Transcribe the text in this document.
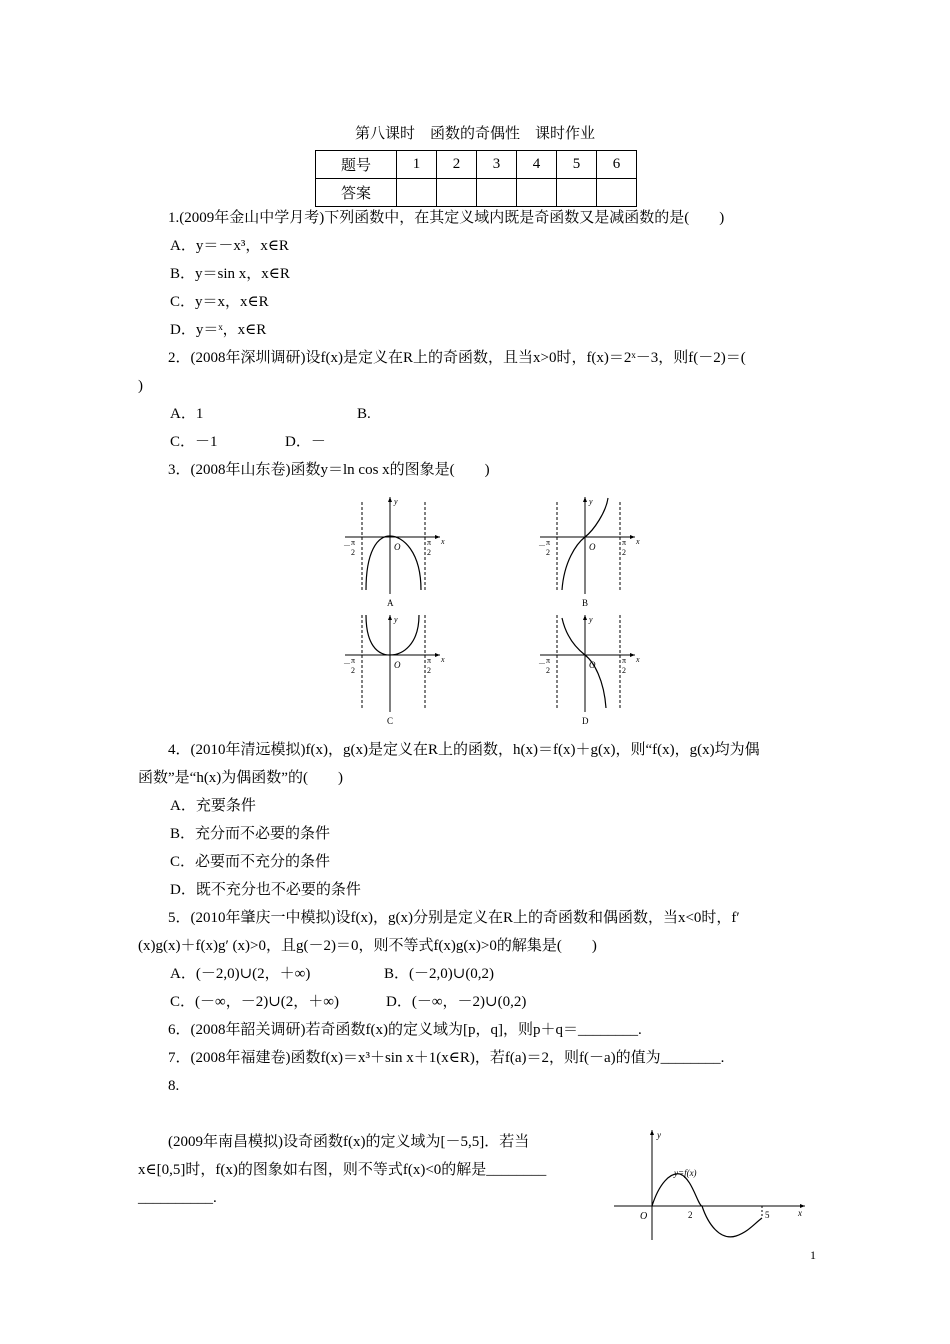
第八课时　函数的奇偶性　课时作业
题号	1	2	3	4	5	6
答案						
1.(2009年金山中学月考)下列函数中，在其定义域内既是奇函数又是减函数的是(　　)
A．y＝－x³，x∈R
B．y＝sin x，x∈R
C．y＝x，x∈R
D．y＝ˣ，x∈R
2．(2008年深圳调研)设f(x)是定义在R上的奇函数，且当x>0时，f(x)＝2ˣ－3，则f(－2)＝(
)
A．1	B.
C．－1	D．－
3．(2008年山东卷)函数y＝ln cos x的图象是(　　)
y
x
O
－ π
2
π
2
A
y
x
O
－ π
2
π
2
B
y
x
O
－ π
2
π
2
C
y
x
O
－ π
2
π
2
D
4．(2010年清远模拟)f(x)，g(x)是定义在R上的函数，h(x)＝f(x)＋g(x)，则“f(x)，g(x)均为偶
函数”是“h(x)为偶函数”的(　　)
A．充要条件
B．充分而不必要的条件
C．必要而不充分的条件
D．既不充分也不必要的条件
5．(2010年肇庆一中模拟)设f(x)，g(x)分别是定义在R上的奇函数和偶函数，当x<0时，f′
(x)g(x)＋f(x)g′ (x)>0，且g(－2)＝0，则不等式f(x)g(x)>0的解集是(　　)
A．(－2,0)∪(2，＋∞)	B．(－2,0)∪(0,2)
C．(－∞，－2)∪(2，＋∞)	D．(－∞，－2)∪(0,2)
6．(2008年韶关调研)若奇函数f(x)的定义域为[p，q]，则p＋q＝________.
7．(2008年福建卷)函数f(x)＝x³＋sin x＋1(x∈R)，若f(a)＝2，则f(－a)的值为________.
8.
(2009年南昌模拟)设奇函数f(x)的定义域为[－5,5]．若当
x∈[0,5]时，f(x)的图象如右图，则不等式f(x)<0的解是________
__________.
y
x
O	2	5
y=f(x)
1
